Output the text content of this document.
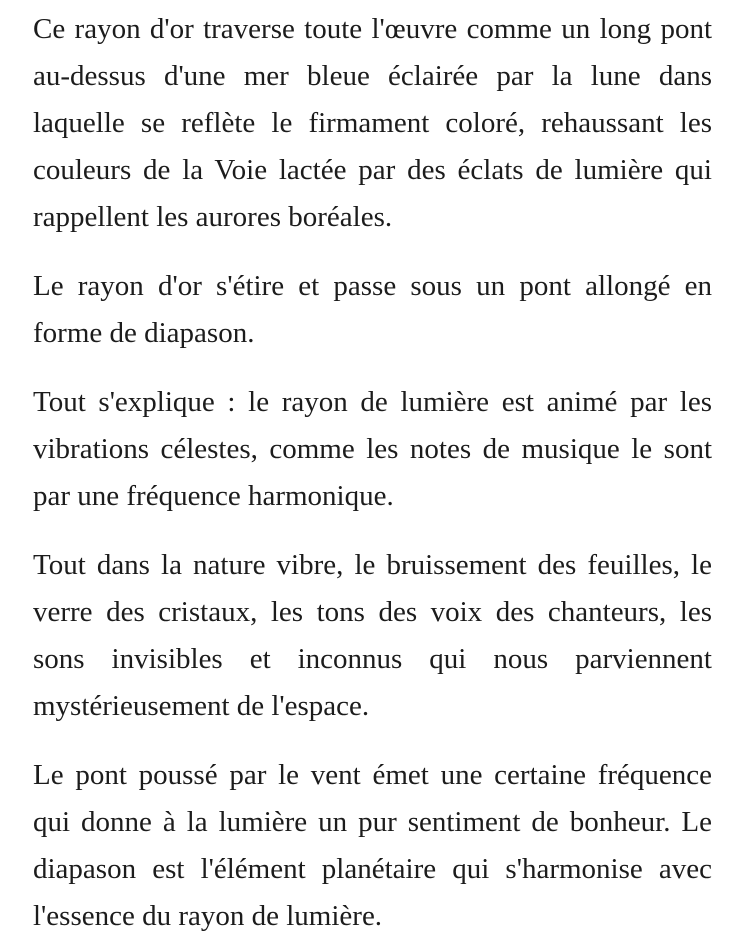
Ce rayon d'or traverse toute l'œuvre comme un long pont au-dessus d'une mer bleue éclairée par la lune dans laquelle se reflète le firmament coloré, rehaussant les couleurs de la Voie lactée par des éclats de lumière qui rappellent les aurores boréales.

Le rayon d'or s'étire et passe sous un pont allongé en forme de diapason.

Tout s'explique : le rayon de lumière est animé par les vibrations célestes, comme les notes de musique le sont par une fréquence harmonique.

Tout dans la nature vibre, le bruissement des feuilles, le verre des cristaux, les tons des voix des chanteurs, les sons invisibles et inconnus qui nous parviennent mystérieusement de l'espace.

Le pont poussé par le vent émet une certaine fréquence qui donne à la lumière un pur sentiment de bonheur. Le diapason est l'élément planétaire qui s'harmonise avec l'essence du rayon de lumière.
